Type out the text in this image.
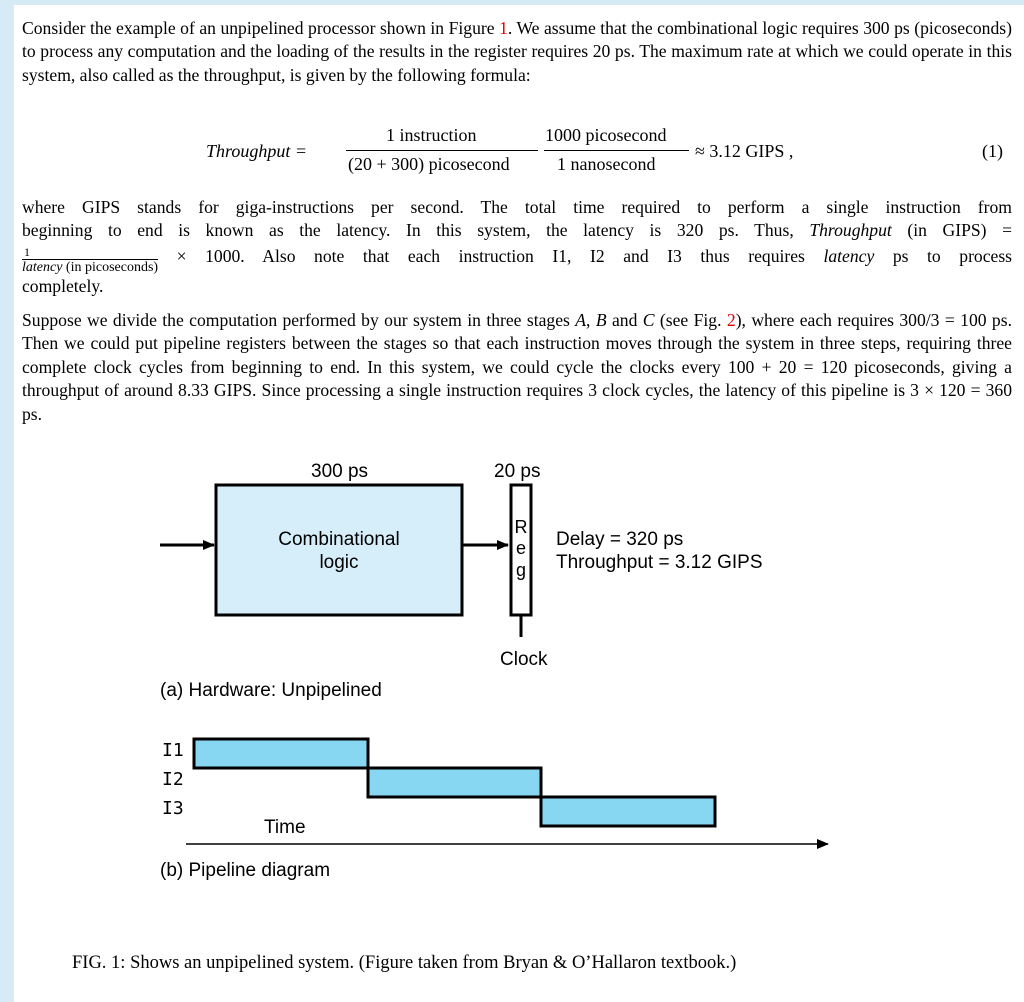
Consider the example of an unpipelined processor shown in Figure 1. We assume that the combinational logic requires 300 ps (picoseconds) to process any computation and the loading of the results in the register requires 20 ps. The maximum rate at which we could operate in this system, also called as the throughput, is given by the following formula:
Throughput =
1 instruction
(20 + 300) picosecond
1000 picosecond
1 nanosecond
≈ 3.12 GIPS ,	(1)
where GIPS stands for giga-instructions per second. The total time required to perform a single instruction from
beginning to end is known as the latency. In this system, the latency is 320 ps. Thus, Throughput (in GIPS) =
$\frac{1}{\text{latency (in picoseconds)}} \times 1000$. Also note that each instruction I1, I2 and I3 thus requires latency ps to process
completely.
Suppose we divide the computation performed by our system in three stages A, B and C (see Fig. 2), where each requires 300/3 = 100 ps. Then we could put pipeline registers between the stages so that each instruction moves through the system in three steps, requiring three complete clock cycles from beginning to end. In this system, we could cycle the clocks every 100 + 20 = 120 picoseconds, giving a throughput of around 8.33 GIPS. Since processing a single instruction requires 3 clock cycles, the latency of this pipeline is 3 × 120 = 360 ps.
300 ps	20 ps
Combinational
logic
R
e
g
Delay = 320 ps
Throughput = 3.12 GIPS
Clock
(a) Hardware: Unpipelined
I1
I2
I3
Time
(b) Pipeline diagram
FIG. 1: Shows an unpipelined system. (Figure taken from Bryan & O’Hallaron textbook.)
